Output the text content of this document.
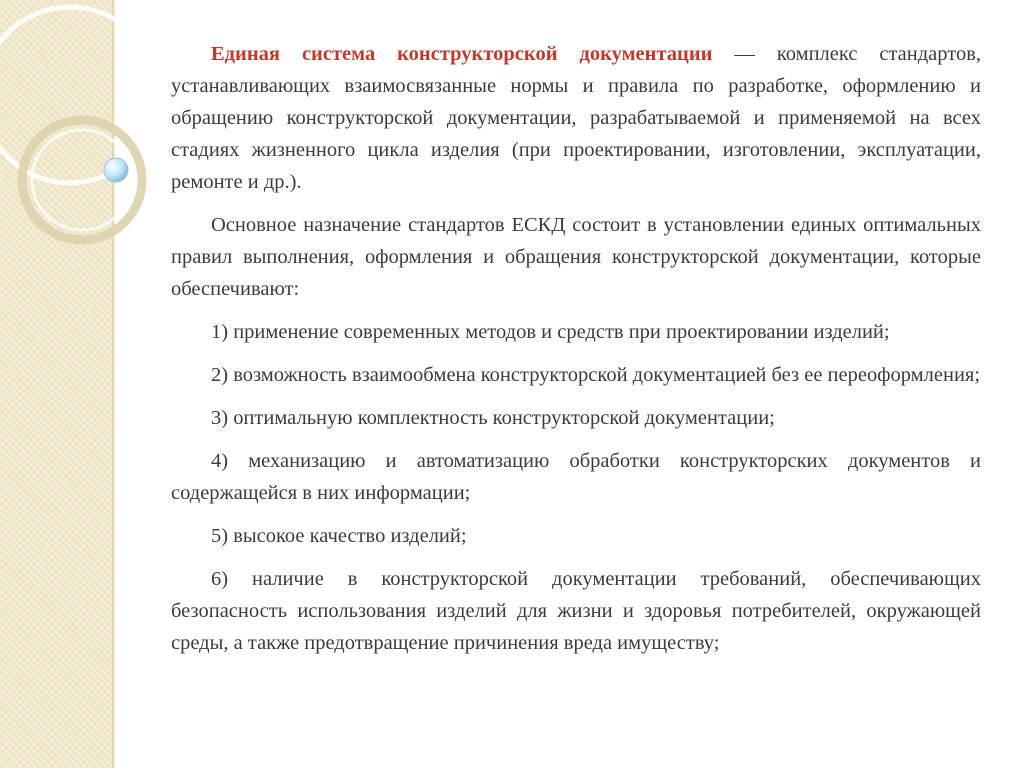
Единая система конструкторской документации — комплекс стандартов, устанавливающих взаимосвязанные нормы и правила по разработке, оформлению и обращению конструкторской документации, разрабатываемой и применяемой на всех стадиях жизненного цикла изделия (при проектировании, изготовлении, эксплуатации, ремонте и др.).

Основное назначение стандартов ЕСКД состоит в установлении единых оптимальных правил выполнения, оформления и обращения конструкторской документации, которые обеспечивают:

1) применение современных методов и средств при проектировании изделий;

2) возможность взаимообмена конструкторской документацией без ее переоформления;

3) оптимальную комплектность конструкторской документации;

4) механизацию и автоматизацию обработки конструкторских документов и содержащейся в них информации;

5) высокое качество изделий;

6) наличие в конструкторской документации требований, обеспечивающих безопасность использования изделий для жизни и здоровья потребителей, окружающей среды, а также предотвращение причинения вреда имуществу;
